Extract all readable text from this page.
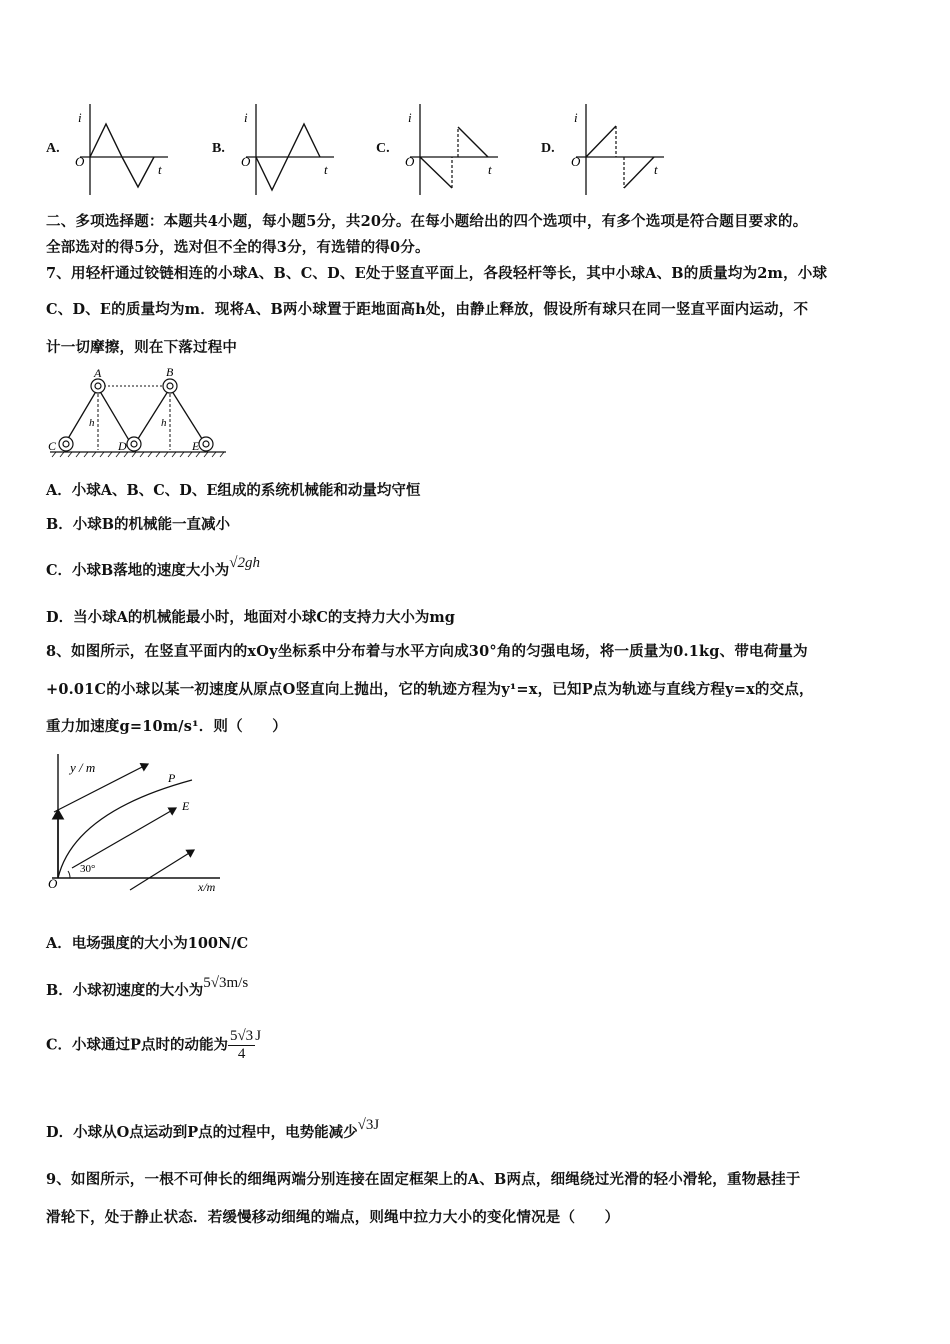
A.	B.	C.	D.
i
O
t
i
O
t
i
O
t
i
O
t
二、多项选择题：本题共4小题，每小题5分，共20分。在每小题给出的四个选项中，有多个选项是符合题目要求的。
全部选对的得5分，选对但不全的得3分，有选错的得0分。
7、用轻杆通过铰链相连的小球A、B、C、D、E处于竖直平面上，各段轻杆等长，其中小球A、B的质量均为2m，小球
C、D、E的质量均为m．现将A、B两小球置于距地面高h处，由静止释放，假设所有球只在同一竖直平面内运动，不
计一切摩擦，则在下落过程中
A	B
C	D	E
h	h
A．小球A、B、C、D、E组成的系统机械能和动量均守恒
B．小球B的机械能一直减小
C．小球B落地的速度大小为√2gh
D．当小球A的机械能最小时，地面对小球C的支持力大小为mg
8、如图所示，在竖直平面内的xOy坐标系中分布着与水平方向成30°角的匀强电场，将一质量为0.1kg、带电荷量为
+0.01C的小球以某一初速度从原点O竖直向上抛出，它的轨迹方程为y¹=x，已知P点为轨迹与直线方程y=x的交点，
重力加速度g=10m/s¹．则（　　）
y / m
x/m
P
E
O
30°
A．电场强度的大小为100N/C
B．小球初速度的大小为5√3m/s
C．小球通过P点时的动能为 $\frac{5√3}{4}$ J
D．小球从O点运动到P点的过程中，电势能减少√3J
9、如图所示，一根不可伸长的细绳两端分别连接在固定框架上的A、B两点，细绳绕过光滑的轻小滑轮，重物悬挂于
滑轮下，处于静止状态．若缓慢移动细绳的端点，则绳中拉力大小的变化情况是（　　）
